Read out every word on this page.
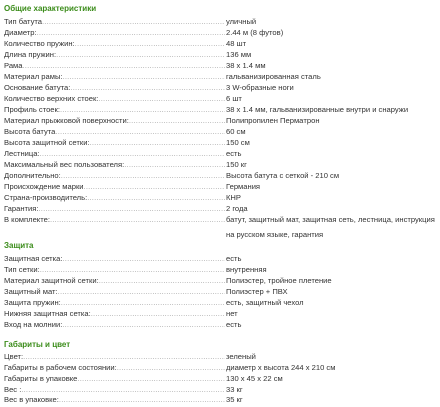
Общие характеристики
Тип батута .....	уличный
Диаметр: .....	2.44 м (8 футов)
Количество пружин: .....	48 шт
Длина пружин: .....	136 мм
Рама .....	38 х 1.4 мм
Материал рамы: .....	гальванизированная сталь
Основание батута: .....	3 W-образные ноги
Количество верхних стоек: .....	6 шт
Профиль стоек: .....	38 х 1.4 мм, гальванизированные внутри и снаружи
Материал прыжковой поверхности: .....	Полипропилен Пермaтрон
Высота батута .....	60 см
Высота защитной сетки: .....	150 см
Лестница: .....	есть
Максимальный вес пользователя: .....	150 кг
Дополнительно: .....	Высота батута с сеткой - 210 см
Происхождение марки .....	Германия
Страна-производитель: .....	КНР
Гарантия: .....	2 года
В комплекте: .....	батут, защитный мат, защитная сеть, лестница, инструкция на русском языке, гарантия
Защита
Защитная сетка: .....	есть
Тип сетки: .....	внутренняя
Материал защитной сетки: .....	Полиэстер, тройное плетение
Защитный мат: .....	Полиэстер + ПВХ
Защита пружин: .....	есть, защитный чехол
Нижняя защитная сетка: .....	нет
Вход на молнии: .....	есть
Габариты и цвет
Цвет: .....	зеленый
Габариты в рабочем состоянии: .....	диаметр х высота 244 х 210 см
Габариты в упаковке .....	130 х 45 х 22 см
Вес : .....	33 кг
Вес в упаковке: .....	35 кг
